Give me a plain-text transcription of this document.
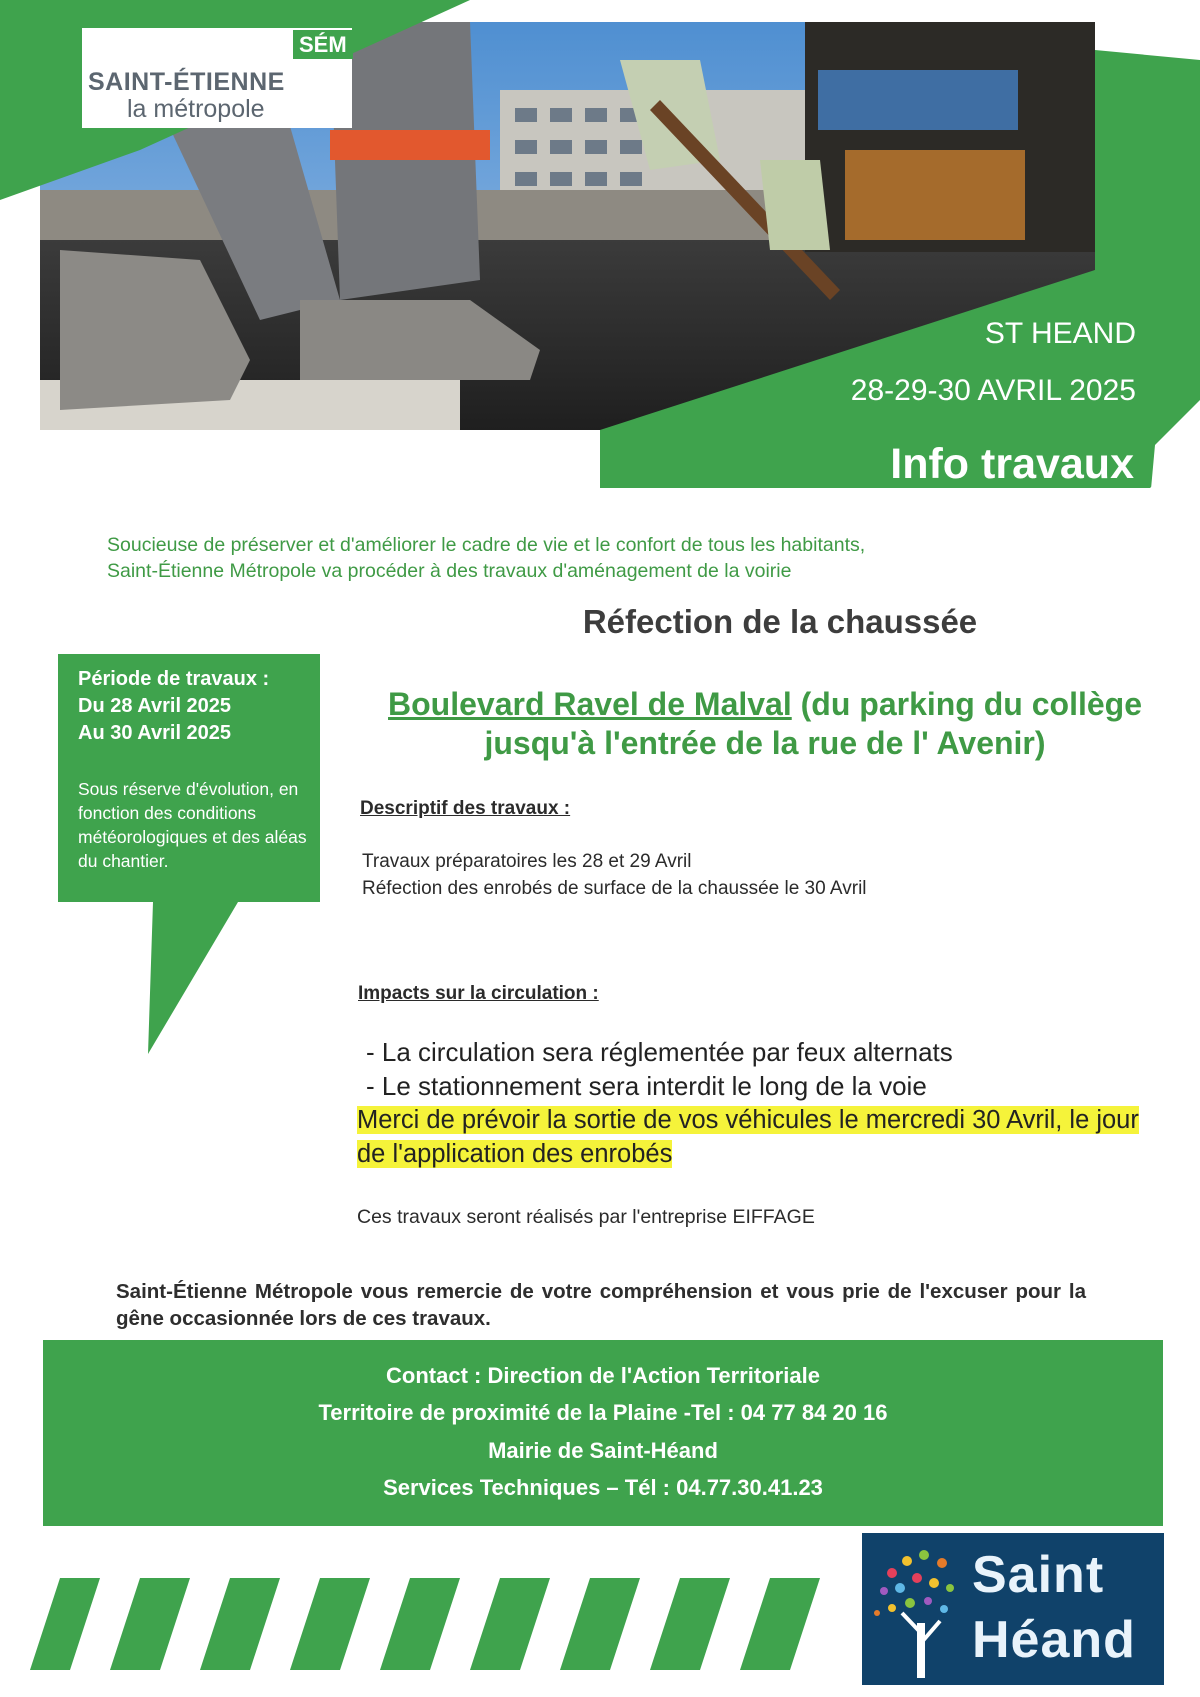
SÉM
SAINT-ÉTIENNE
la métropole
ST HEAND
28-29-30 AVRIL 2025
Info travaux
Soucieuse de préserver et d'améliorer le cadre de vie et le confort de tous les habitants,
Saint-Étienne Métropole va procéder à des travaux d'aménagement de la voirie
Réfection de la chaussée
Période de travaux :
Du 28 Avril 2025
Au 30 Avril 2025
Sous réserve d'évolution, en fonction des conditions météorologiques et des aléas du chantier.
Boulevard Ravel de Malval (du parking du collège jusqu'à l'entrée de la rue de l' Avenir)
Descriptif des travaux :
Travaux préparatoires les 28 et 29 Avril
Réfection des enrobés de surface de la chaussée le 30 Avril
Impacts sur la circulation :
- La circulation sera réglementée par feux alternats
- Le stationnement sera interdit le long de la voie
Merci de prévoir la sortie de vos véhicules le mercredi 30 Avril, le jour de l'application des enrobés
Ces travaux seront réalisés par l'entreprise EIFFAGE
Saint-Étienne Métropole vous remercie de votre compréhension et vous prie de l'excuser pour la gêne occasionnée lors de ces travaux.
Contact : Direction de l'Action Territoriale
Territoire de proximité de la Plaine -Tel : 04 77 84 20 16
Mairie de Saint-Héand
Services Techniques – Tél : 04.77.30.41.23
Saint
Héand
